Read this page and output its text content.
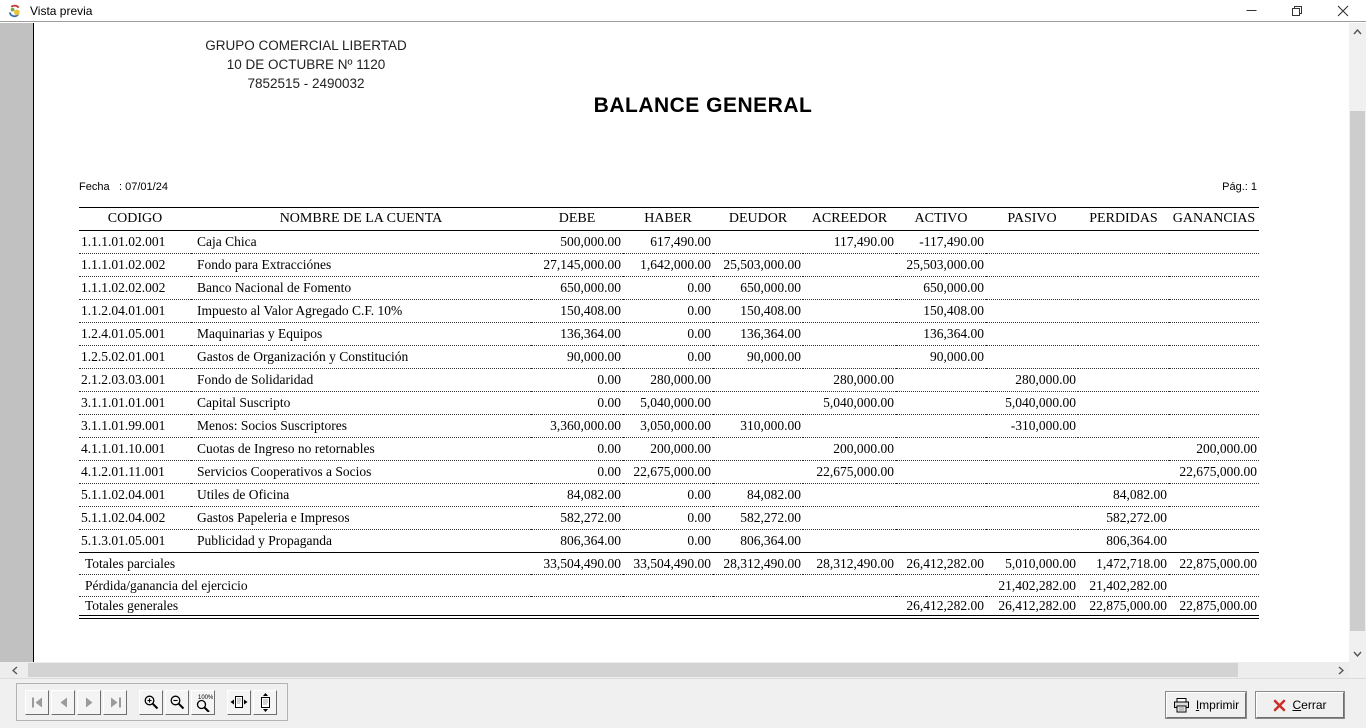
Vista previa
GRUPO COMERCIAL LIBERTAD
10 DE OCTUBRE Nº 1120
7852515 - 2490032
BALANCE GENERAL
Fecha : 07/01/24	Pág.: 1
CODIGO	NOMBRE DE LA CUENTA	DEBE	HABER	DEUDOR	ACREEDOR	ACTIVO	PASIVO	PERDIDAS	GANANCIAS
1.1.1.01.02.001	Caja Chica	500,000.00	617,490.00		117,490.00	-117,490.00			
1.1.1.01.02.002	Fondo para Extracciónes	27,145,000.00	1,642,000.00	25,503,000.00		25,503,000.00			
1.1.1.02.02.002	Banco Nacional de Fomento	650,000.00	0.00	650,000.00		650,000.00			
1.1.2.04.01.001	Impuesto al Valor Agregado C.F. 10%	150,408.00	0.00	150,408.00		150,408.00			
1.2.4.01.05.001	Maquinarias y Equipos	136,364.00	0.00	136,364.00		136,364.00			
1.2.5.02.01.001	Gastos de Organización y Constitución	90,000.00	0.00	90,000.00		90,000.00			
2.1.2.03.03.001	Fondo de Solidaridad	0.00	280,000.00		280,000.00		280,000.00		
3.1.1.01.01.001	Capital Suscripto	0.00	5,040,000.00		5,040,000.00		5,040,000.00		
3.1.1.01.99.001	Menos: Socios Suscriptores	3,360,000.00	3,050,000.00	310,000.00			-310,000.00		
4.1.1.01.10.001	Cuotas de Ingreso no retornables	0.00	200,000.00		200,000.00				200,000.00
4.1.2.01.11.001	Servicios Cooperativos a Socios	0.00	22,675,000.00		22,675,000.00				22,675,000.00
5.1.1.02.04.001	Utiles de Oficina	84,082.00	0.00	84,082.00				84,082.00	
5.1.1.02.04.002	Gastos Papeleria e Impresos	582,272.00	0.00	582,272.00				582,272.00	
5.1.3.01.05.001	Publicidad y Propaganda	806,364.00	0.00	806,364.00				806,364.00	
Totales parciales		33,504,490.00	33,504,490.00	28,312,490.00	28,312,490.00	26,412,282.00	5,010,000.00	1,472,718.00	22,875,000.00
Pérdida/ganancia del ejercicio							21,402,282.00	21,402,282.00	
Totales generales						26,412,282.00	26,412,282.00	22,875,000.00	22,875,000.00
100%
Imprimir	Cerrar
